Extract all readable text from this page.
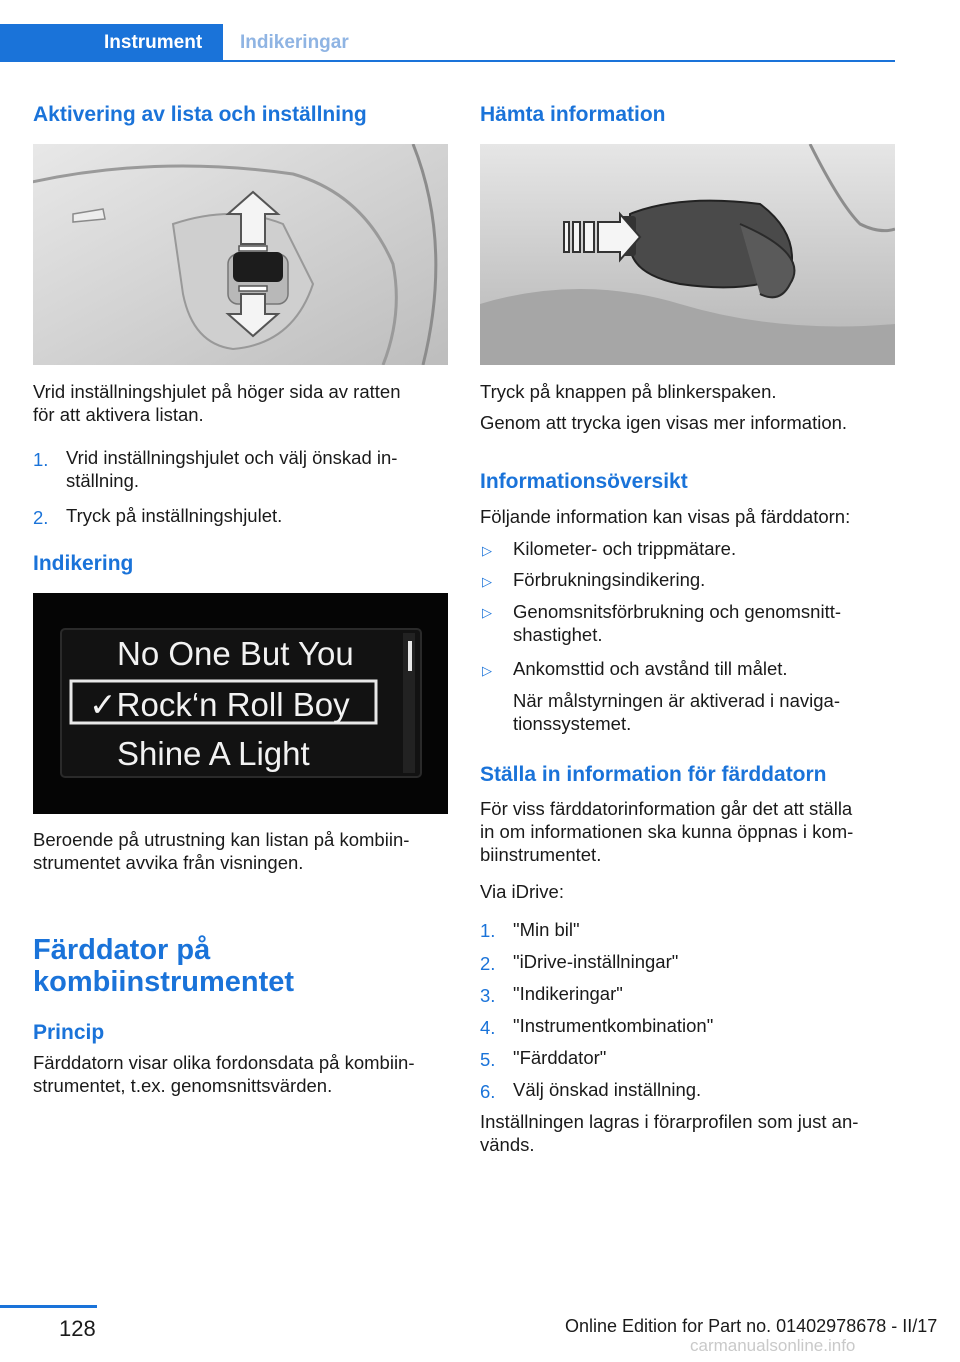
Instrument Indikeringar
Aktivering av lista och inställning

Vrid inställningshjulet på höger sida av ratten
för att aktivera listan.

1. Vrid inställningshjulet och välj önskad in-
ställning.
2. Tryck på inställningshjulet.
Indikering
No One But You
✓Rock‘n Roll Boy
Shine A Light

Beroende på utrustning kan listan på kombiin-
strumentet avvika från visningen.

Färddator på
kombiinstrumentet
Princip

Färddatorn visar olika fordonsdata på kombiin-
strumentet, t.ex. genomsnittsvärden.

Hämta information

Tryck på knappen på blinkerspaken.

Genom att trycka igen visas mer information.

Informationsöversikt

Följande information kan visas på färddatorn:

▷ Kilometer- och trippmätare.
▷ Förbrukningsindikering.
▷ Genomsnitsförbrukning och genomsnitt-
shastighet.
▷ Ankomsttid och avstånd till målet.
När målstyrningen är aktiverad i naviga-
tionssystemet.
Ställa in information för färddatorn

För viss färddatorinformation går det att ställa
in om informationen ska kunna öppnas i kom-
biinstrumentet.

Via iDrive:

1. "Min bil"
2. "iDrive-inställningar"
3. "Indikeringar"
4. "Instrumentkombination"
5. "Färddator"
6. Välj önskad inställning.

Inställningen lagras i förarprofilen som just an-
vänds.

128	Online Edition for Part no. 01402978678 - II/17
carmanualsonline.info
